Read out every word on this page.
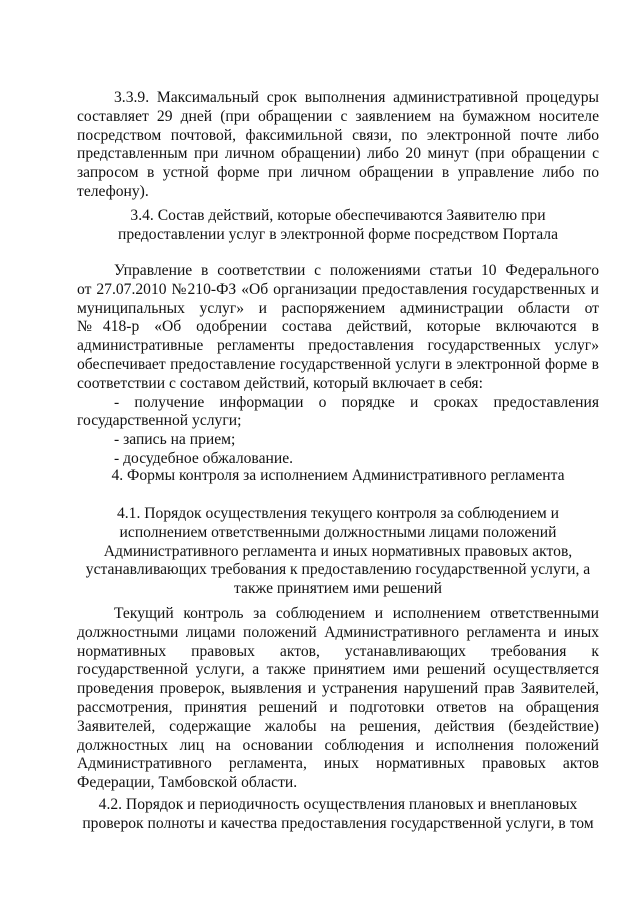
3.3.9. Максимальный срок выполнения административной процедуры
составляет 29 дней (при обращении с заявлением на бумажном носителе
посредством почтовой, факсимильной связи, по электронной почте либо
представленным при личном обращении) либо 20 минут (при обращении с
запросом в устной форме при личном обращении в управление либо по
телефону).
3.4. Состав действий, которые обеспечиваются Заявителю при
предоставлении услуг в электронной форме посредством Портала
Управление в соответствии с положениями статьи 10 Федерального
от 27.07.2010 №210-ФЗ «Об организации предоставления государственных и
муниципальных услуг» и распоряжением администрации области от
№418-р «Об одобрении состава действий, которые включаются в
административные регламенты предоставления государственных услуг»
обеспечивает предоставление государственной услуги в электронной форме в
соответствии с составом действий, который включает в себя:
- получение информации о порядке и сроках предоставления
государственной услуги;
- запись на прием;
- досудебное обжалование.
4. Формы контроля за исполнением Административного регламента
4.1. Порядок осуществления текущего контроля за соблюдением и
исполнением ответственными должностными лицами положений
Административного регламента и иных нормативных правовых актов,
устанавливающих требования к предоставлению государственной услуги, а
также принятием ими решений
Текущий контроль за соблюдением и исполнением ответственными
должностными лицами положений Административного регламента и иных
нормативных правовых актов, устанавливающих требования к
государственной услуги, а также принятием ими решений осуществляется
проведения проверок, выявления и устранения нарушений прав Заявителей,
рассмотрения, принятия решений и подготовки ответов на обращения
Заявителей, содержащие жалобы на решения, действия (бездействие)
должностных лиц на основании соблюдения и исполнения положений
Административного регламента, иных нормативных правовых актов
Федерации, Тамбовской области.
4.2. Порядок и периодичность осуществления плановых и внеплановых
проверок полноты и качества предоставления государственной услуги, в том
